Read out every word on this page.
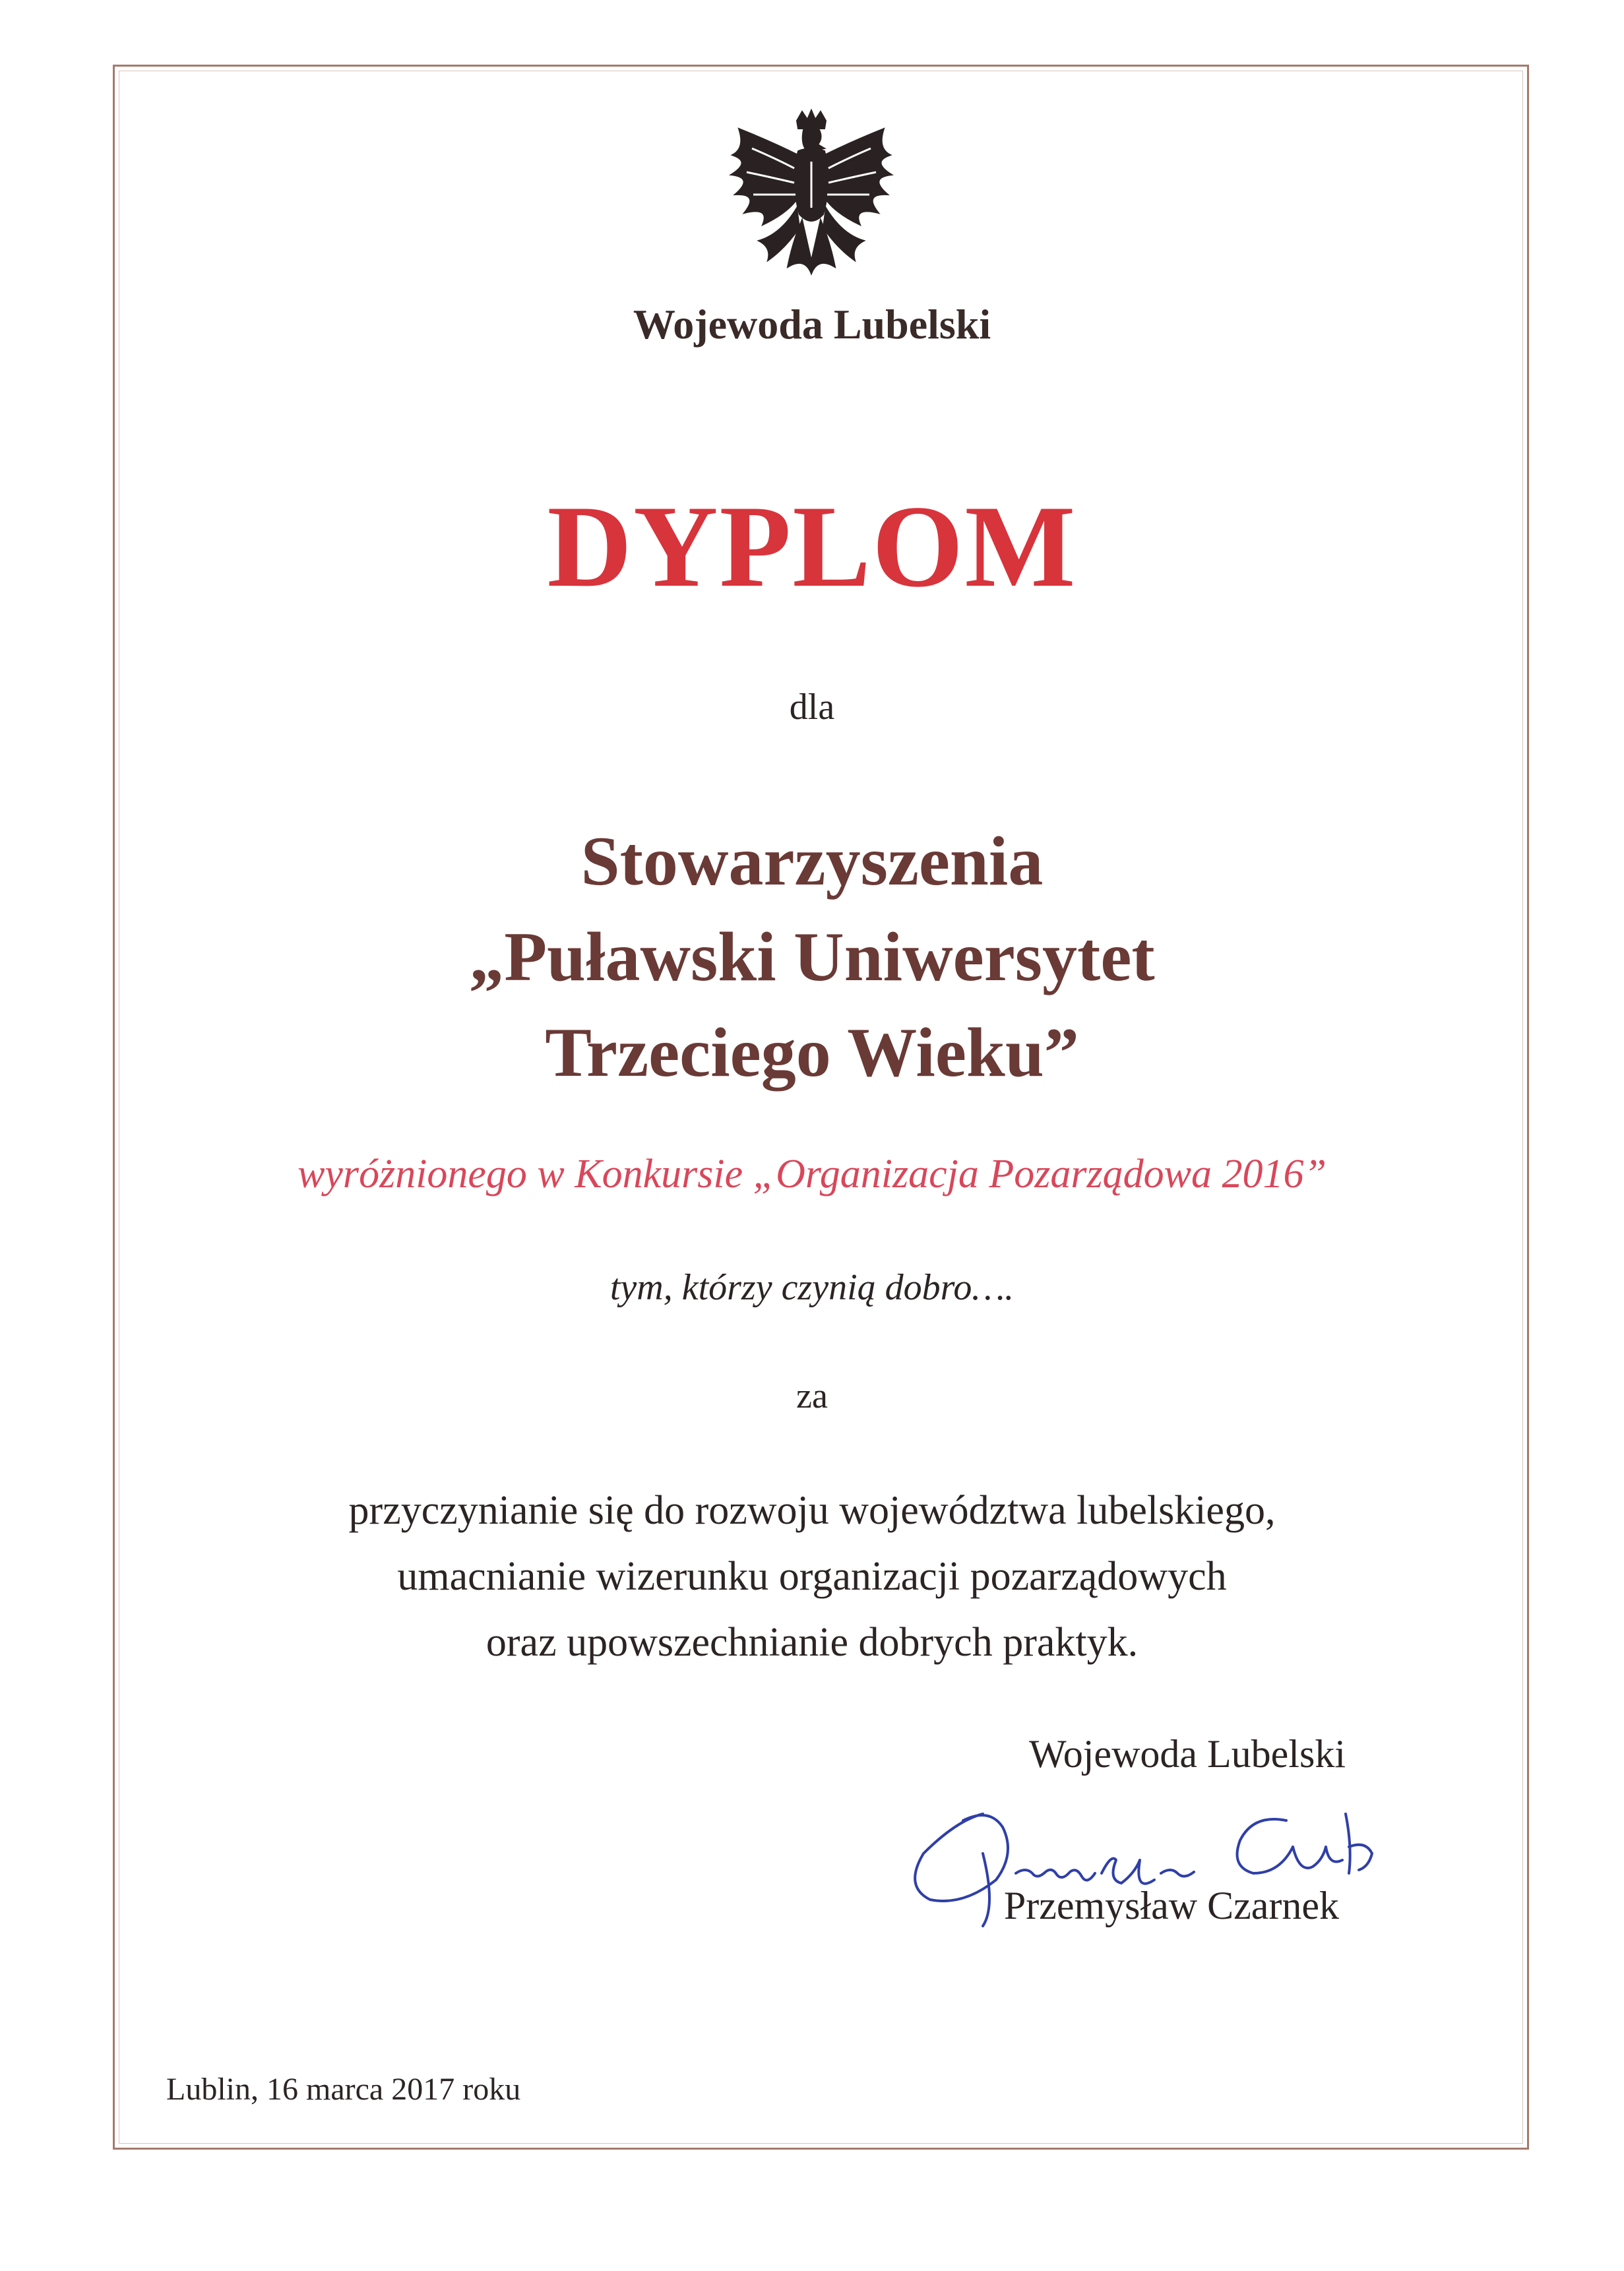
Wojewoda Lubelski
DYPLOM
dla
Stowarzyszenia
„Puławski Uniwersytet
Trzeciego Wieku”
wyróżnionego w Konkursie „Organizacja Pozarządowa 2016”
tym, którzy czynią dobro….
za
przyczynianie się do rozwoju województwa lubelskiego,
umacnianie wizerunku organizacji pozarządowych
oraz upowszechnianie dobrych praktyk.
Wojewoda Lubelski
Przemysław Czarnek
Lublin, 16 marca 2017 roku
